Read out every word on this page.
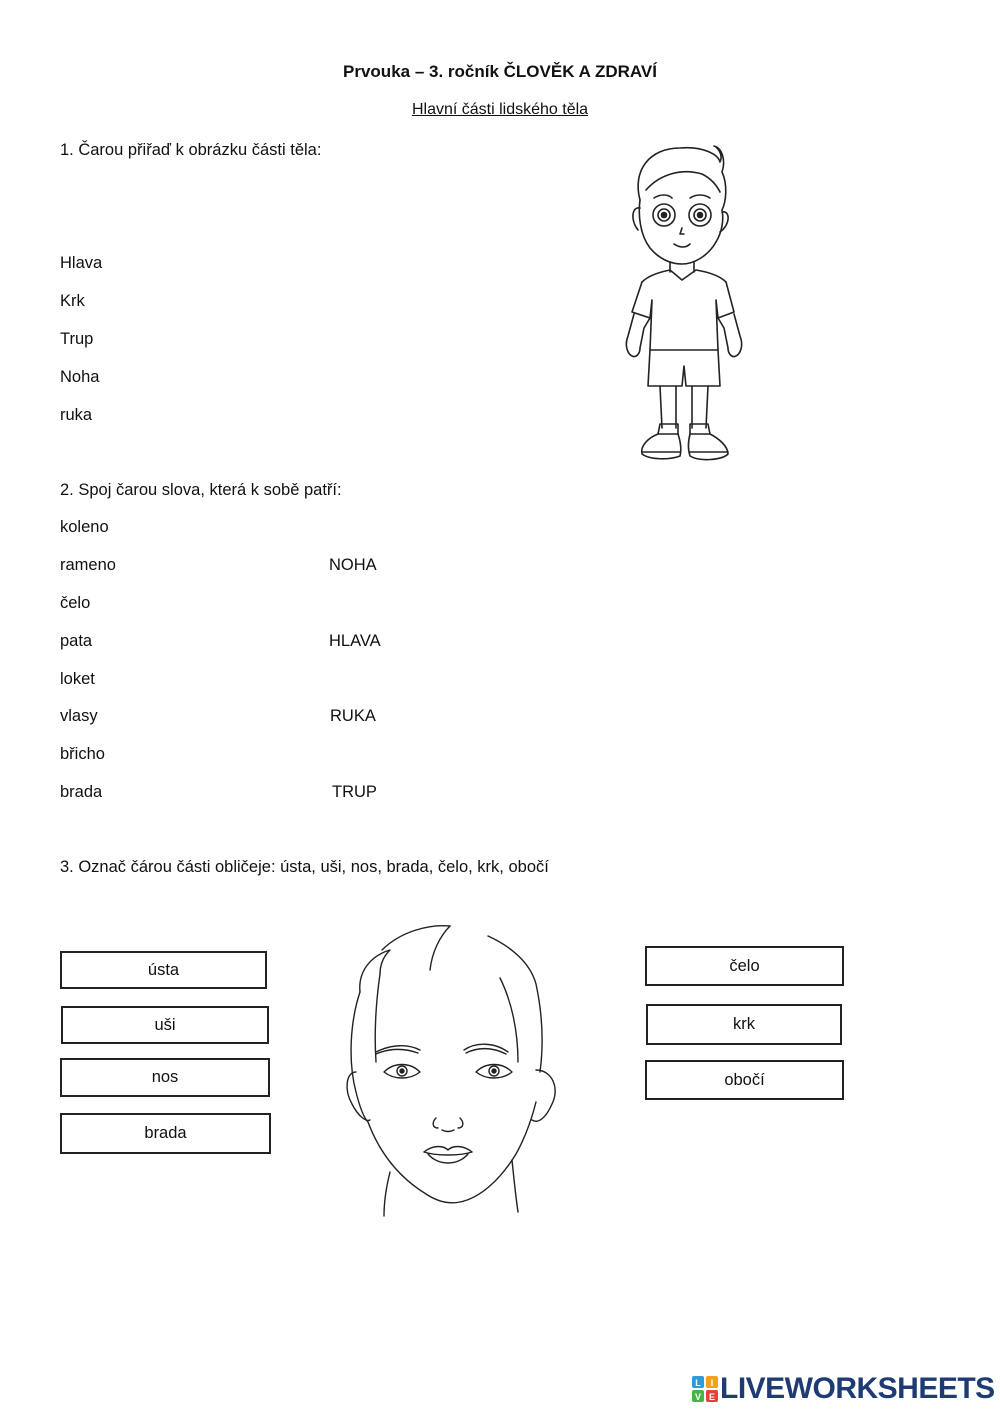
Prvouka – 3. ročník ČLOVĚK A ZDRAVÍ
Hlavní části lidského těla
1. Čarou přiřaď k obrázku části těla:
Hlava
Krk
Trup
Noha
ruka
2. Spoj čarou slova, která k sobě patří:
koleno
rameno
čelo
pata
loket
vlasy
břicho
brada
NOHA
HLAVA
RUKA
TRUP
3. Označ čárou části obličeje: ústa, uši, nos, brada, čelo, krk, obočí
ústa
uši
nos
brada
čelo
krk
obočí
L I
V E LIVEWORKSHEETS
